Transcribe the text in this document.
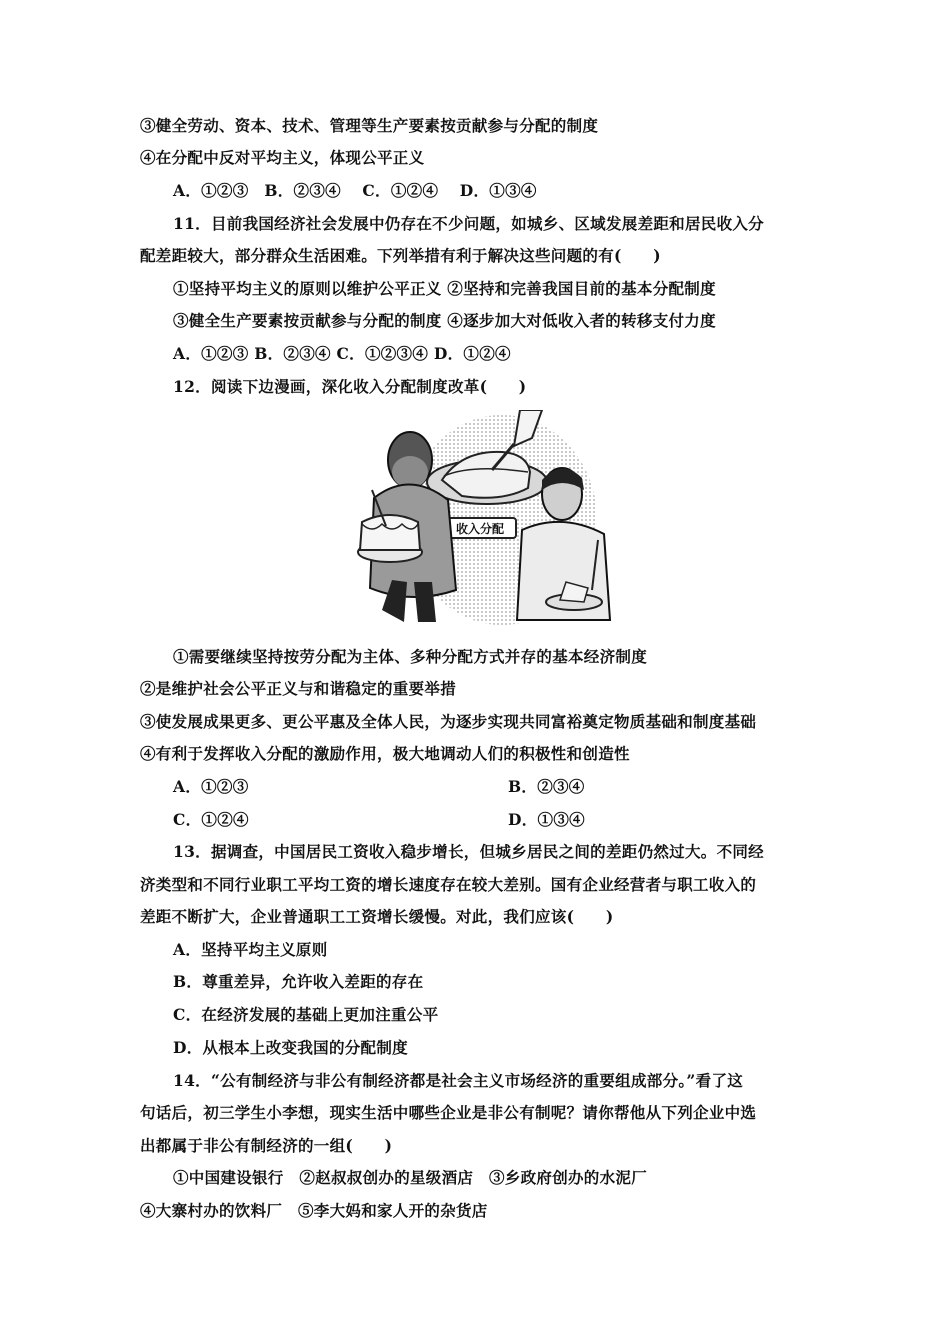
③健全劳动、资本、技术、管理等生产要素按贡献参与分配的制度
④在分配中反对平均主义，体现公平正义
A．①②③　B．②③④　 C．①②④　 D．①③④
11．目前我国经济社会发展中仍存在不少问题，如城乡、区域发展差距和居民收入分
配差距较大，部分群众生活困难。下列举措有利于解决这些问题的有(　　)
①坚持平均主义的原则以维护公平正义 ②坚持和完善我国目前的基本分配制度
③健全生产要素按贡献参与分配的制度 ④逐步加大对低收入者的转移支付力度
A．①②③ B．②③④ C．①②③④ D．①②④
12．阅读下边漫画，深化收入分配制度改革(　　)
收入分配
①需要继续坚持按劳分配为主体、多种分配方式并存的基本经济制度
②是维护社会公平正义与和谐稳定的重要举措
③使发展成果更多、更公平惠及全体人民，为逐步实现共同富裕奠定物质基础和制度基础
④有利于发挥收入分配的激励作用，极大地调动人们的积极性和创造性
A．①②③	B．②③④
C．①②④	D．①③④
13．据调查，中国居民工资收入稳步增长，但城乡居民之间的差距仍然过大。不同经
济类型和不同行业职工平均工资的增长速度存在较大差别。国有企业经营者与职工收入的
差距不断扩大，企业普通职工工资增长缓慢。对此，我们应该(　　)
A．坚持平均主义原则
B．尊重差异，允许收入差距的存在
C．在经济发展的基础上更加注重公平
D．从根本上改变我国的分配制度
14．“公有制经济与非公有制经济都是社会主义市场经济的重要组成部分。”看了这
句话后，初三学生小李想，现实生活中哪些企业是非公有制呢？请你帮他从下列企业中选
出都属于非公有制经济的一组(　　)
①中国建设银行　②赵叔叔创办的星级酒店　③乡政府创办的水泥厂
④大寨村办的饮料厂　⑤李大妈和家人开的杂货店
